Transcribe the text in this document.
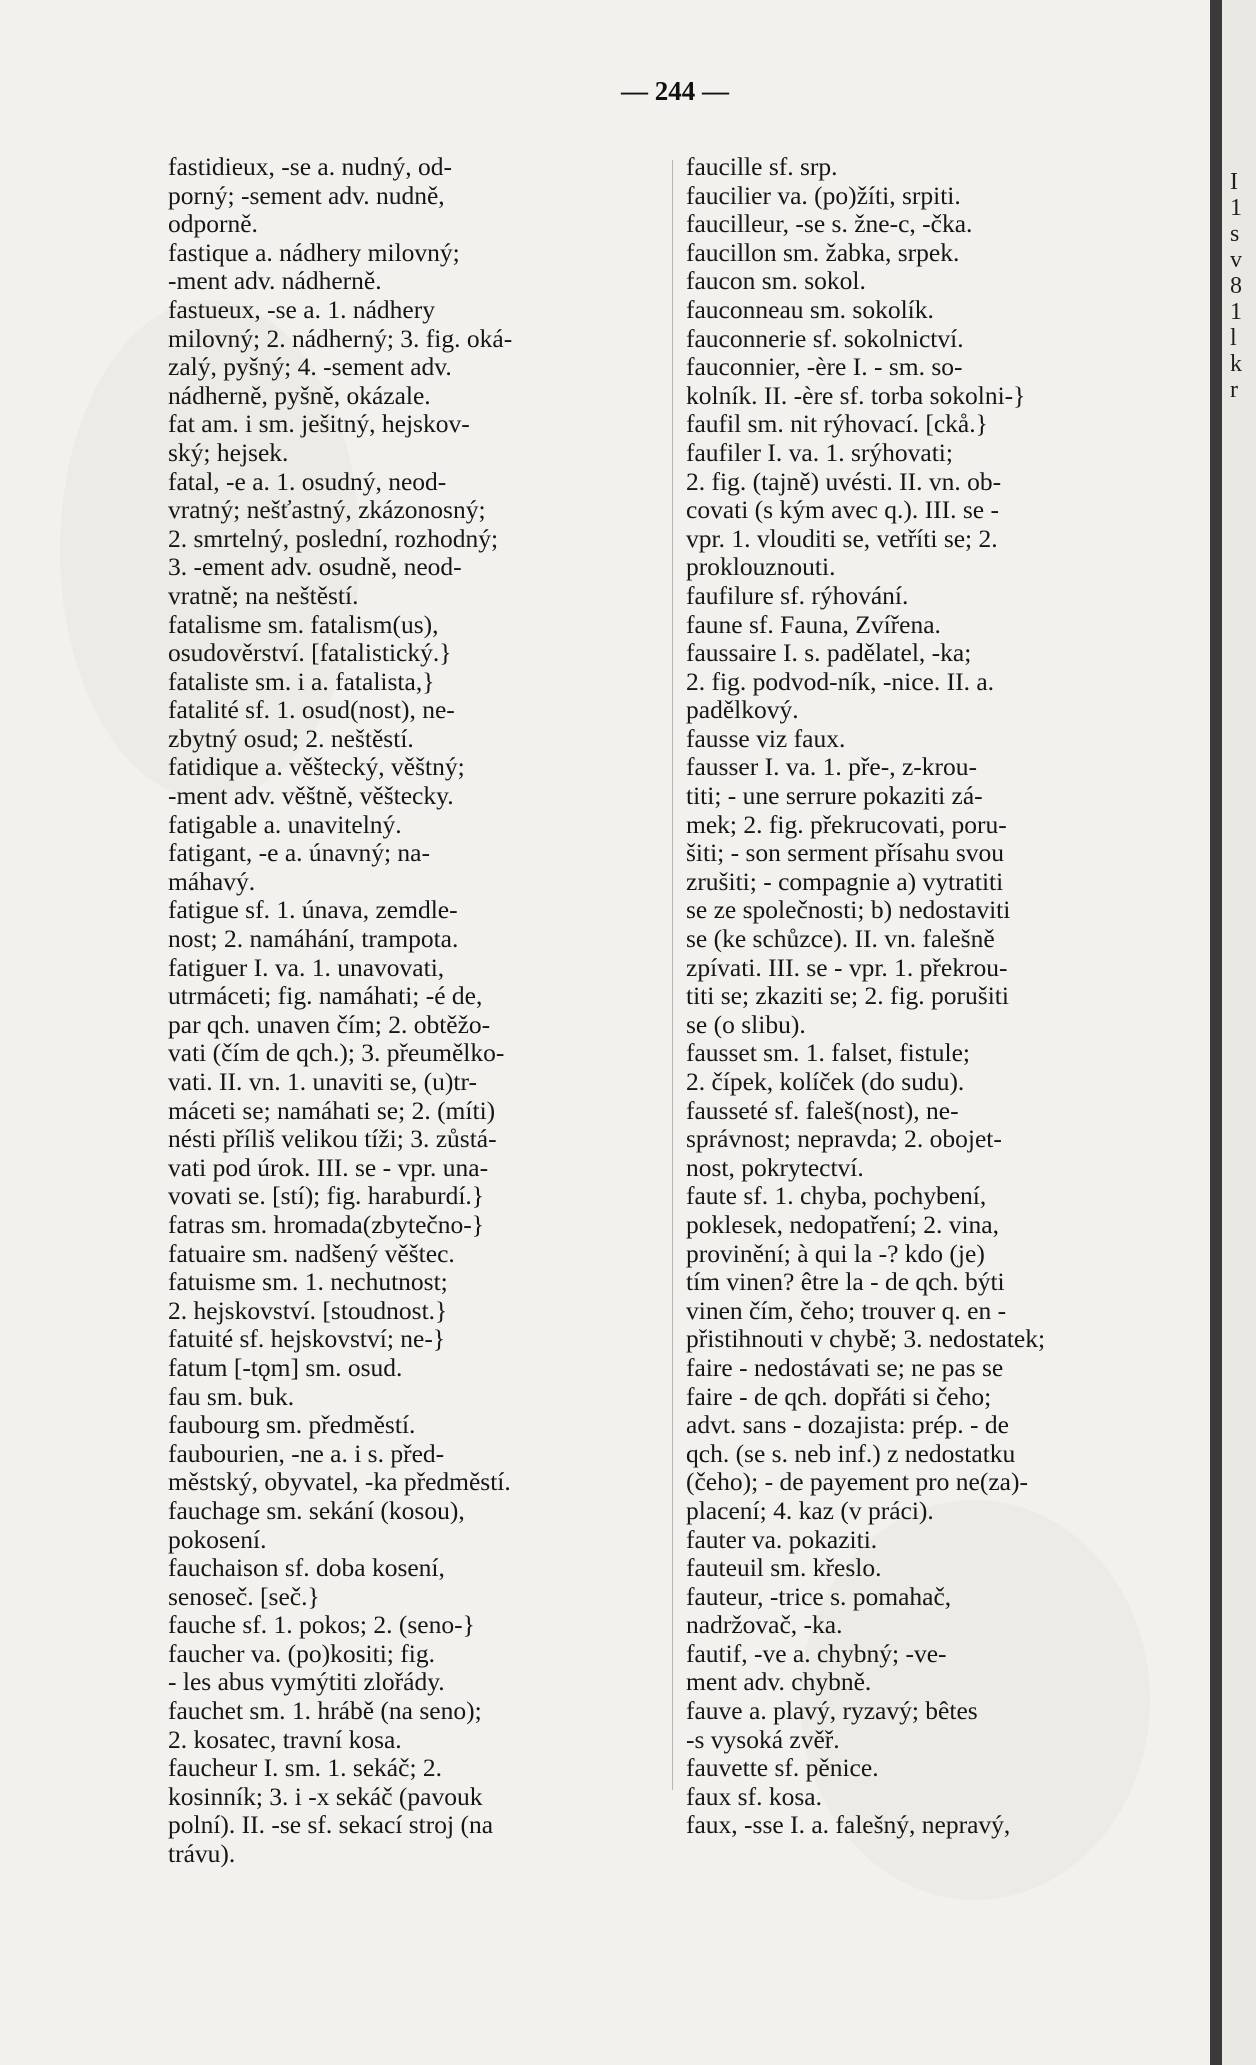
— 244 —
fastidieux, -se a. nudný, od-
porný; -sement adv. nudně,
odporně.
fastique a. nádhery milovný;
-ment adv. nádherně.
fastueux, -se a. 1. nádhery
milovný; 2. nádherný; 3. fig. oká-
zalý, pyšný; 4. -sement adv.
nádherně, pyšně, okázale.
fat am. i sm. ješitný, hejskov-
ský; hejsek.
fatal, -e a. 1. osudný, neod-
vratný; nešťastný, zkázonosný;
2. smrtelný, poslední, rozhodný;
3. -ement adv. osudně, neod-
vratně; na neštěstí.
fatalisme sm. fatalism(us),
osudověrství. [fatalistický.}
fataliste sm. i a. fatalista,}
fatalité sf. 1. osud(nost), ne-
zbytný osud; 2. neštěstí.
fatidique a. věštecký, věštný;
-ment adv. věštně, věštecky.
fatigable a. unavitelný.
fatigant, -e a. únavný; na-
máhavý.
fatigue sf. 1. únava, zemdle-
nost; 2. namáhání, trampota.
fatiguer I. va. 1. unavovati,
utrmáceti; fig. namáhati; -é de,
par qch. unaven čím; 2. obtěžo-
vati (čím de qch.); 3. přeumělko-
vati. II. vn. 1. unaviti se, (u)tr-
máceti se; namáhati se; 2. (míti)
nésti příliš velikou tíži; 3. zůstá-
vati pod úrok. III. se - vpr. una-
vovati se. [stí); fig. haraburdí.}
fatras sm. hromada(zbytečno-}
fatuaire sm. nadšený věštec.
fatuisme sm. 1. nechutnost;
2. hejskovství. [stoudnost.}
fatuité sf. hejskovství; ne-}
fatum [-tǫm] sm. osud.
fau sm. buk.
faubourg sm. předměstí.
faubourien, -ne a. i s. před-
městský, obyvatel, -ka předměstí.
fauchage sm. sekání (kosou),
pokosení.
fauchaison sf. doba kosení,
senoseč. [seč.}
fauche sf. 1. pokos; 2. (seno-}
faucher va. (po)kositi; fig.
- les abus vymýtiti zlořády.
fauchet sm. 1. hrábě (na seno);
2. kosatec, travní kosa.
faucheur I. sm. 1. sekáč; 2.
kosinník; 3. i -x sekáč (pavouk
polní). II. -se sf. sekací stroj (na
trávu).
faucille sf. srp.
faucilier va. (po)žíti, srpiti.
faucilleur, -se s. žne-c, -čka.
faucillon sm. žabka, srpek.
faucon sm. sokol.
fauconneau sm. sokolík.
fauconnerie sf. sokolnictví.
fauconnier, -ère I. - sm. so-
kolník. II. -ère sf. torba sokolni-}
faufil sm. nit rýhovací. [ckå.}
faufiler I. va. 1. srýhovati;
2. fig. (tajně) uvésti. II. vn. ob-
covati (s kým avec q.). III. se -
vpr. 1. vlouditi se, vetříti se; 2.
proklouznouti.
faufilure sf. rýhování.
faune sf. Fauna, Zvířena.
faussaire I. s. padělatel, -ka;
2. fig. podvod-ník, -nice. II. a.
padělkový.
fausse viz faux.
fausser I. va. 1. pře-, z-krou-
titi; - une serrure pokaziti zá-
mek; 2. fig. překrucovati, poru-
šiti; - son serment přísahu svou
zrušiti; - compagnie a) vytratiti
se ze společnosti; b) nedostaviti
se (ke schůzce). II. vn. falešně
zpívati. III. se - vpr. 1. překrou-
titi se; zkaziti se; 2. fig. porušiti
se (o slibu).
fausset sm. 1. falset, fistule;
2. čípek, kolíček (do sudu).
fausseté sf. faleš(nost), ne-
správnost; nepravda; 2. obojet-
nost, pokrytectví.
faute sf. 1. chyba, pochybení,
poklesek, nedopatření; 2. vina,
provinění; à qui la -? kdo (je)
tím vinen? être la - de qch. býti
vinen čím, čeho; trouver q. en -
přistihnouti v chybě; 3. nedostatek;
faire - nedostávati se; ne pas se
faire - de qch. dopřáti si čeho;
advt. sans - dozajista: prép. - de
qch. (se s. neb inf.) z nedostatku
(čeho); - de payement pro ne(za)-
placení; 4. kaz (v práci).
fauter va. pokaziti.
fauteuil sm. křeslo.
fauteur, -trice s. pomahač,
nadržovač, -ka.
fautif, -ve a. chybný; -ve-
ment adv. chybně.
fauve a. plavý, ryzavý; bêtes
-s vysoká zvěř.
fauvette sf. pěnice.
faux sf. kosa.
faux, -sse I. a. falešný, nepravý,
I
1
s
v
8
1
l
k
r
